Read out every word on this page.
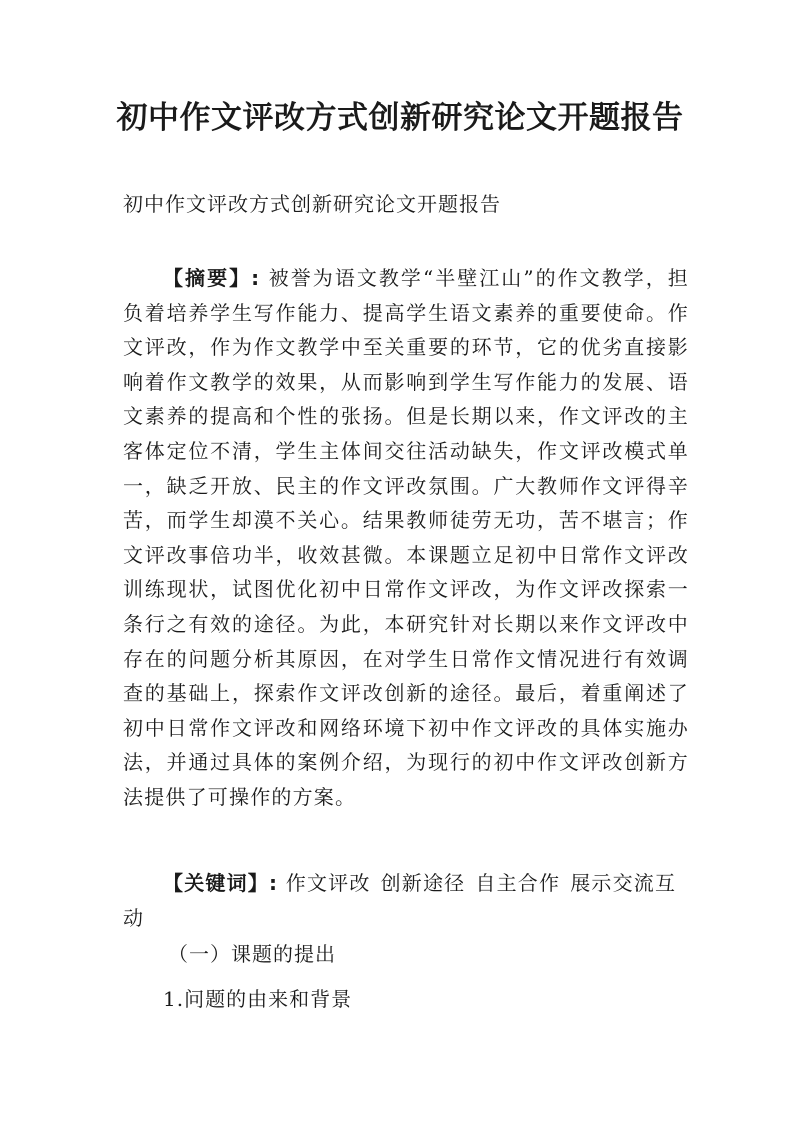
初中作文评改方式创新研究论文开题报告

初中作文评改方式创新研究论文开题报告

【摘要】: 被誉为语文教学“半壁江山”的作文教学，担负着培养学生写作能力、提高学生语文素养的重要使命。作文评改，作为作文教学中至关重要的环节，它的优劣直接影响着作文教学的效果，从而影响到学生写作能力的发展、语文素养的提高和个性的张扬。但是长期以来，作文评改的主客体定位不清，学生主体间交往活动缺失，作文评改模式单一，缺乏开放、民主的作文评改氛围。广大教师作文评得辛苦，而学生却漠不关心。结果教师徒劳无功，苦不堪言；作文评改事倍功半，收效甚微。本课题立足初中日常作文评改训练现状，试图优化初中日常作文评改，为作文评改探索一条行之有效的途径。为此，本研究针对长期以来作文评改中存在的问题分析其原因，在对学生日常作文情况进行有效调查的基础上，探索作文评改创新的途径。最后，着重阐述了初中日常作文评改和网络环境下初中作文评改的具体实施办法，并通过具体的案例介绍，为现行的初中作文评改创新方法提供了可操作的方案。

【关键词】: 作文评改 创新途径 自主合作 展示交流互动

（一）课题的提出

1.问题的由来和背景
